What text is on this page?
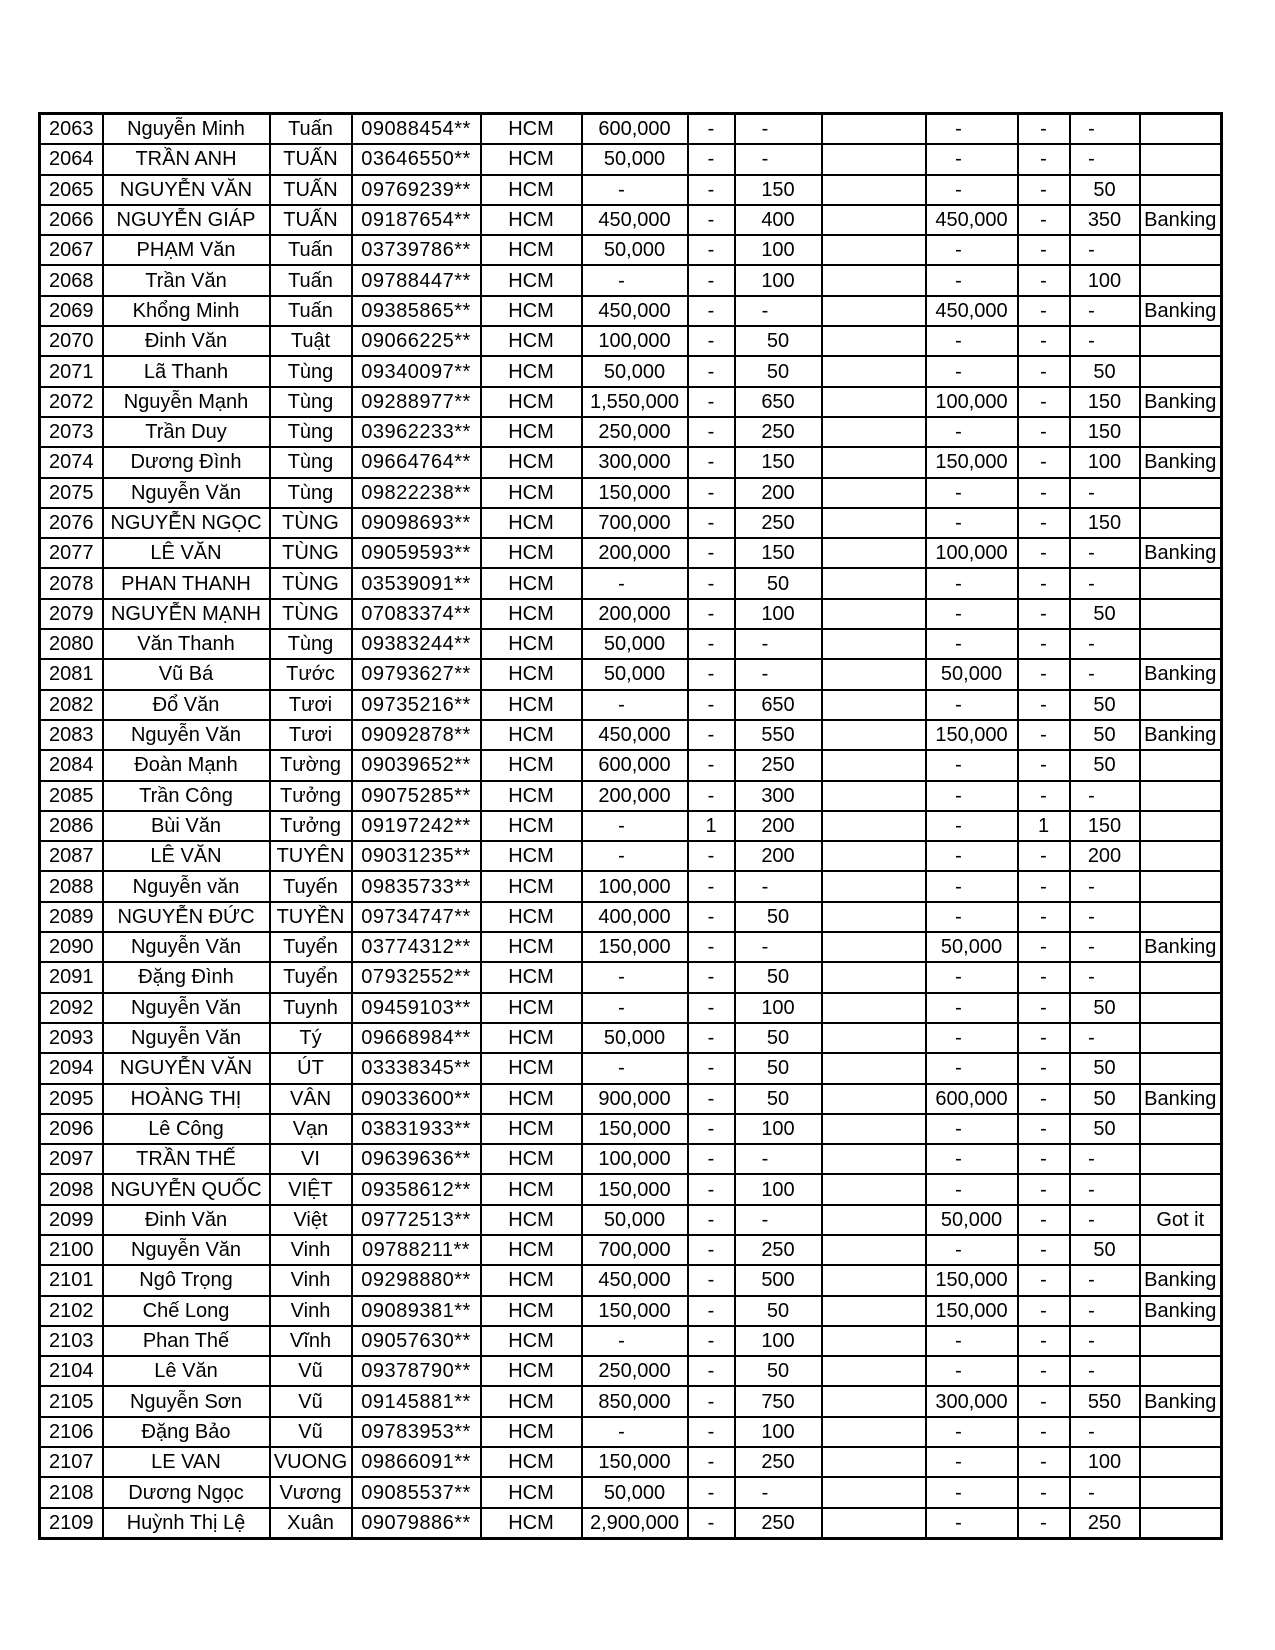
2063	Nguyễn Minh	Tuấn	09088454**	HCM	600,000	-	-		-	-	-	
2064	TRẦN ANH	TUẤN	03646550**	HCM	50,000	-	-		-	-	-	
2065	NGUYỄN VĂN	TUẤN	09769239**	HCM	-	-	150		-	-	50	
2066	NGUYỄN GIÁP	TUẤN	09187654**	HCM	450,000	-	400		450,000	-	350	Banking
2067	PHẠM Văn	Tuấn	03739786**	HCM	50,000	-	100		-	-	-	
2068	Trần Văn	Tuấn	09788447**	HCM	-	-	100		-	-	100	
2069	Khổng Minh	Tuấn	09385865**	HCM	450,000	-	-		450,000	-	-	Banking
2070	Đinh Văn	Tuật	09066225**	HCM	100,000	-	50		-	-	-	
2071	Lã Thanh	Tùng	09340097**	HCM	50,000	-	50		-	-	50	
2072	Nguyễn Mạnh	Tùng	09288977**	HCM	1,550,000	-	650		100,000	-	150	Banking
2073	Trần Duy	Tùng	03962233**	HCM	250,000	-	250		-	-	150	
2074	Dương Đình	Tùng	09664764**	HCM	300,000	-	150		150,000	-	100	Banking
2075	Nguyễn Văn	Tùng	09822238**	HCM	150,000	-	200		-	-	-	
2076	NGUYỄN NGỌC	TÙNG	09098693**	HCM	700,000	-	250		-	-	150	
2077	LÊ VĂN	TÙNG	09059593**	HCM	200,000	-	150		100,000	-	-	Banking
2078	PHAN THANH	TÙNG	03539091**	HCM	-	-	50		-	-	-	
2079	NGUYỄN MẠNH	TÙNG	07083374**	HCM	200,000	-	100		-	-	50	
2080	Văn Thanh	Tùng	09383244**	HCM	50,000	-	-		-	-	-	
2081	Vũ Bá	Tước	09793627**	HCM	50,000	-	-		50,000	-	-	Banking
2082	Đổ Văn	Tươi	09735216**	HCM	-	-	650		-	-	50	
2083	Nguyễn Văn	Tươi	09092878**	HCM	450,000	-	550		150,000	-	50	Banking
2084	Đoàn Mạnh	Tường	09039652**	HCM	600,000	-	250		-	-	50	
2085	Trần Công	Tưởng	09075285**	HCM	200,000	-	300		-	-	-	
2086	Bùi Văn	Tưởng	09197242**	HCM	-	1	200		-	1	150	
2087	LÊ VĂN	TUYÊN	09031235**	HCM	-	-	200		-	-	200	
2088	Nguyễn văn	Tuyến	09835733**	HCM	100,000	-	-		-	-	-	
2089	NGUYỄN ĐỨC	TUYỀN	09734747**	HCM	400,000	-	50		-	-	-	
2090	Nguyễn Văn	Tuyển	03774312**	HCM	150,000	-	-		50,000	-	-	Banking
2091	Đặng Đình	Tuyển	07932552**	HCM	-	-	50		-	-	-	
2092	Nguyễn Văn	Tuynh	09459103**	HCM	-	-	100		-	-	50	
2093	Nguyễn Văn	Tý	09668984**	HCM	50,000	-	50		-	-	-	
2094	NGUYỄN VĂN	ÚT	03338345**	HCM	-	-	50		-	-	50	
2095	HOÀNG THỊ	VÂN	09033600**	HCM	900,000	-	50		600,000	-	50	Banking
2096	Lê Công	Vạn	03831933**	HCM	150,000	-	100		-	-	50	
2097	TRẦN THẾ	VI	09639636**	HCM	100,000	-	-		-	-	-	
2098	NGUYỄN QUỐC	VIỆT	09358612**	HCM	150,000	-	100		-	-	-	
2099	Đinh Văn	Việt	09772513**	HCM	50,000	-	-		50,000	-	-	Got it
2100	Nguyễn Văn	Vinh	09788211**	HCM	700,000	-	250		-	-	50	
2101	Ngô Trọng	Vinh	09298880**	HCM	450,000	-	500		150,000	-	-	Banking
2102	Chế Long	Vinh	09089381**	HCM	150,000	-	50		150,000	-	-	Banking
2103	Phan Thế	Vĩnh	09057630**	HCM	-	-	100		-	-	-	
2104	Lê Văn	Vũ	09378790**	HCM	250,000	-	50		-	-	-	
2105	Nguyễn Sơn	Vũ	09145881**	HCM	850,000	-	750		300,000	-	550	Banking
2106	Đặng Bảo	Vũ	09783953**	HCM	-	-	100		-	-	-	
2107	LE VAN	VUONG	09866091**	HCM	150,000	-	250		-	-	100	
2108	Dương Ngọc	Vương	09085537**	HCM	50,000	-	-		-	-	-	
2109	Huỳnh Thị Lệ	Xuân	09079886**	HCM	2,900,000	-	250		-	-	250	
